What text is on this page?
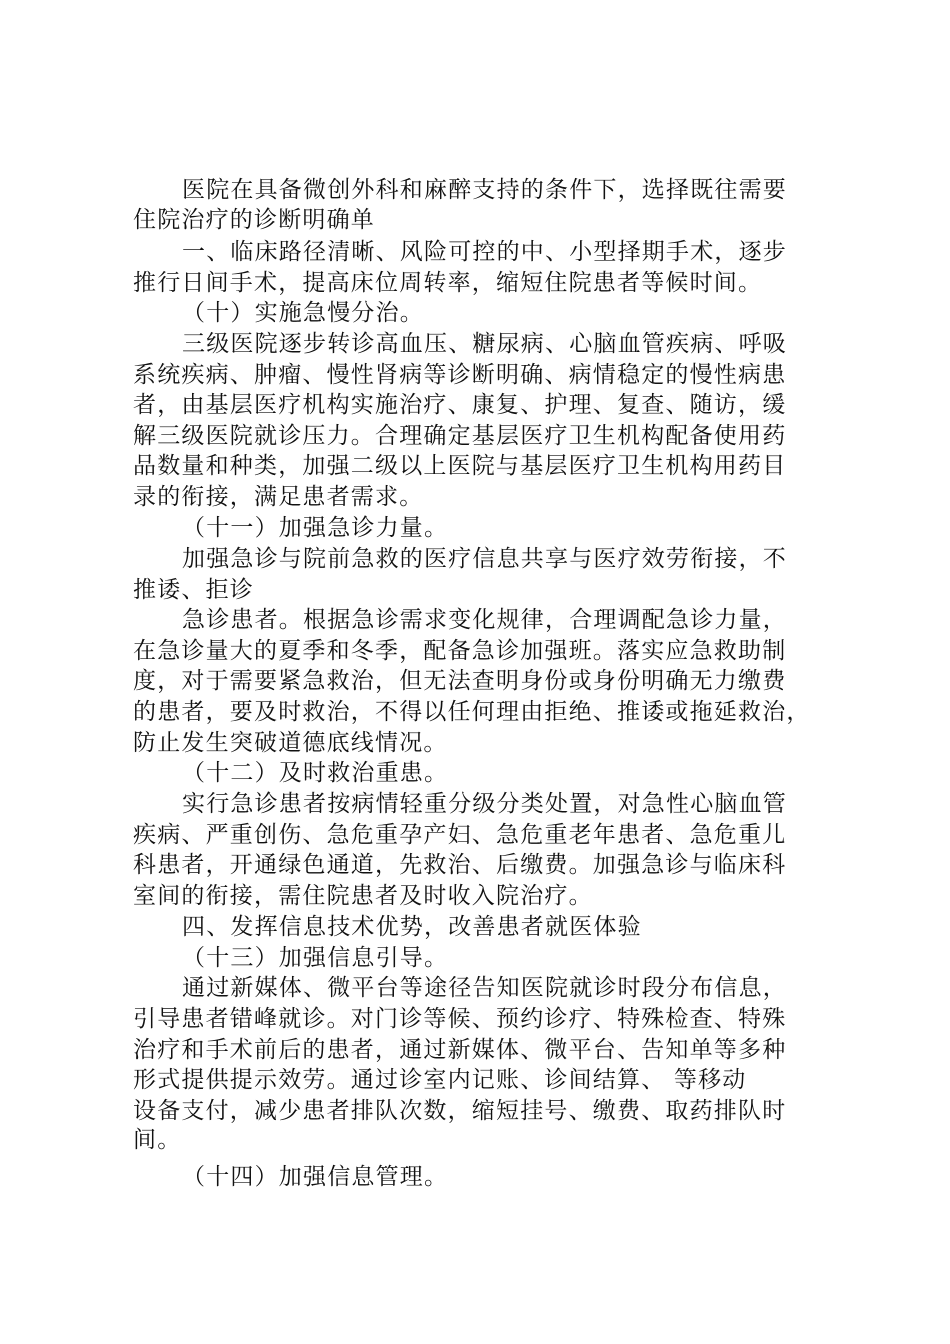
医院在具备微创外科和麻醉支持的条件下，选择既往需要
住院治疗的诊断明确单
一、临床路径清晰、风险可控的中、小型择期手术，逐步
推行日间手术，提高床位周转率，缩短住院患者等候时间。
（十）实施急慢分治。
三级医院逐步转诊高血压、糖尿病、心脑血管疾病、呼吸
系统疾病、肿瘤、慢性肾病等诊断明确、病情稳定的慢性病患
者，由基层医疗机构实施治疗、康复、护理、复查、随访，缓
解三级医院就诊压力。合理确定基层医疗卫生机构配备使用药
品数量和种类，加强二级以上医院与基层医疗卫生机构用药目
录的衔接，满足患者需求。
（十一）加强急诊力量。
加强急诊与院前急救的医疗信息共享与医疗效劳衔接，不
推诿、拒诊
急诊患者。根据急诊需求变化规律，合理调配急诊力量，
在急诊量大的夏季和冬季，配备急诊加强班。落实应急救助制
度，对于需要紧急救治，但无法查明身份或身份明确无力缴费
的患者，要及时救治，不得以任何理由拒绝、推诿或拖延救治，
防止发生突破道德底线情况。
（十二）及时救治重患。
实行急诊患者按病情轻重分级分类处置，对急性心脑血管
疾病、严重创伤、急危重孕产妇、急危重老年患者、急危重儿
科患者，开通绿色通道，先救治、后缴费。加强急诊与临床科
室间的衔接，需住院患者及时收入院治疗。
四、发挥信息技术优势，改善患者就医体验
（十三）加强信息引导。
通过新媒体、微平台等途径告知医院就诊时段分布信息，
引导患者错峰就诊。对门诊等候、预约诊疗、特殊检查、特殊
治疗和手术前后的患者，通过新媒体、微平台、告知单等多种
形式提供提示效劳。通过诊室内记账、诊间结算、 等移动
设备支付，减少患者排队次数，缩短挂号、缴费、取药排队时
间。
（十四）加强信息管理。
